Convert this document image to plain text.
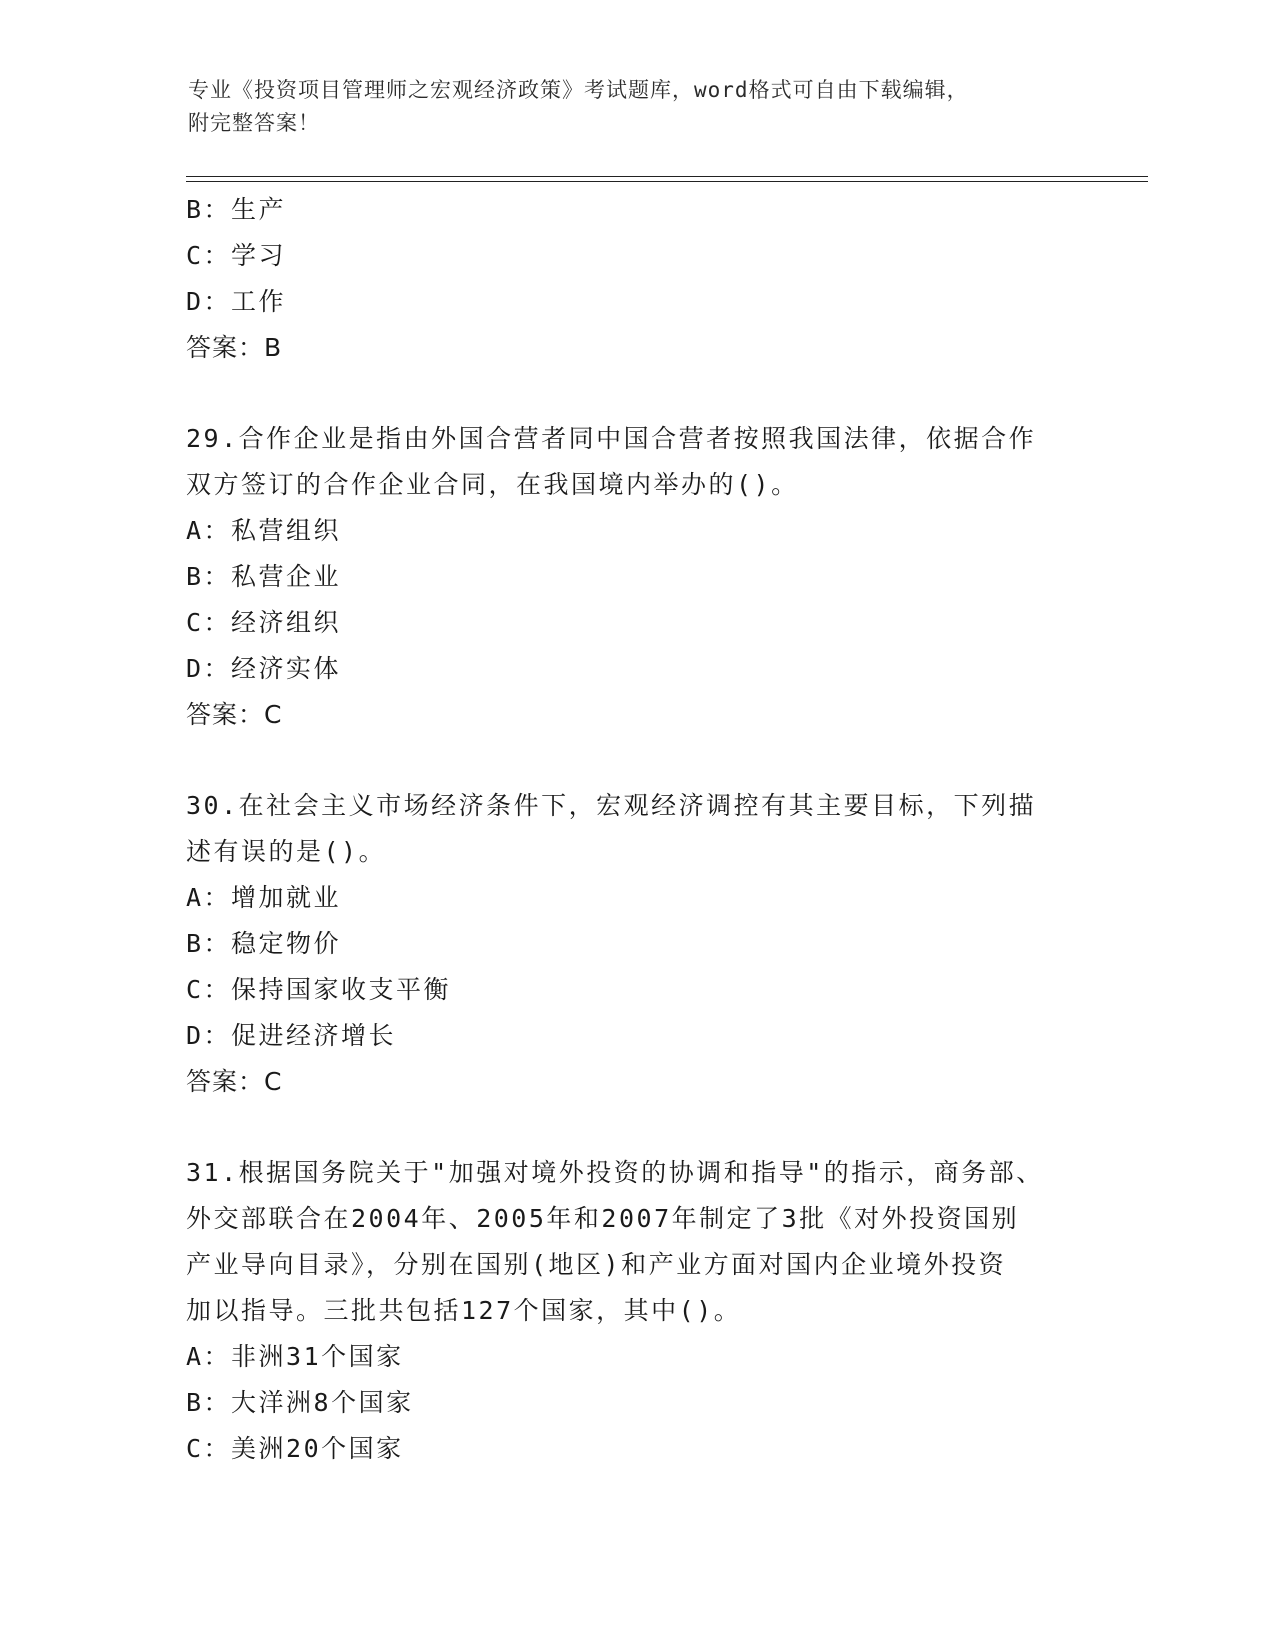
专业《投资项目管理师之宏观经济政策》考试题库，word格式可自由下载编辑，
附完整答案！
B：生产
C：学习
D：工作
答案：B
29.合作企业是指由外国合营者同中国合营者按照我国法律，依据合作
双方签订的合作企业合同，在我国境内举办的()。
A：私营组织
B：私营企业
C：经济组织
D：经济实体
答案：C
30.在社会主义市场经济条件下，宏观经济调控有其主要目标，下列描
述有误的是()。
A：增加就业
B：稳定物价
C：保持国家收支平衡
D：促进经济增长
答案：C
31.根据国务院关于"加强对境外投资的协调和指导"的指示，商务部、
外交部联合在2004年、2005年和2007年制定了3批《对外投资国别
产业导向目录》，分别在国别(地区)和产业方面对国内企业境外投资
加以指导。三批共包括127个国家，其中()。
A：非洲31个国家
B：大洋洲8个国家
C：美洲20个国家
